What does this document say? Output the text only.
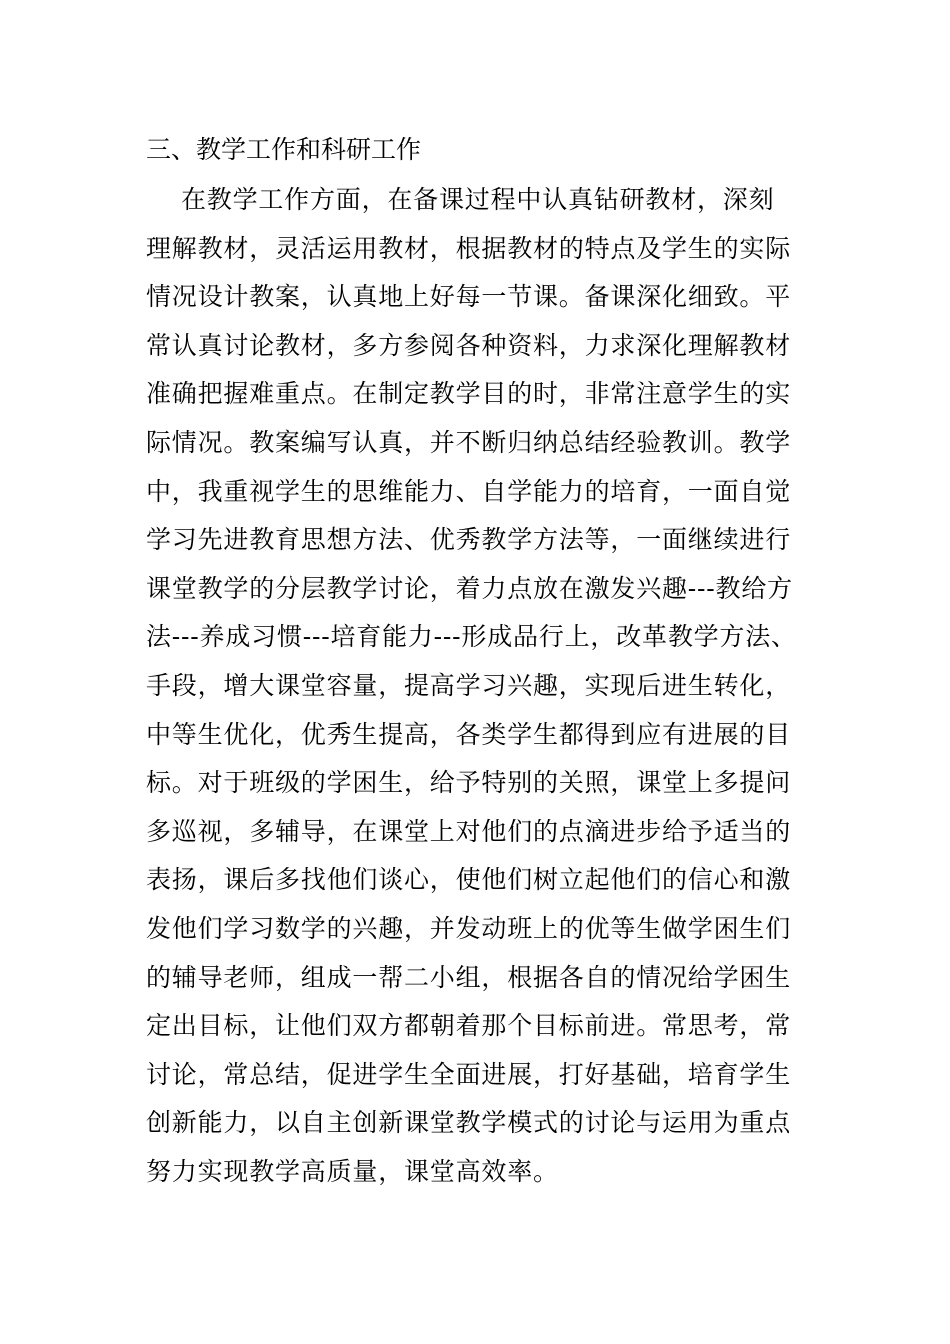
三、教学工作和科研工作
在教学工作方面，在备课过程中认真钻研教材，深刻
理解教材，灵活运用教材，根据教材的特点及学生的实际
情况设计教案，认真地上好每一节课。备课深化细致。平
常认真讨论教材，多方参阅各种资料，力求深化理解教材
准确把握难重点。在制定教学目的时，非常注意学生的实
际情况。教案编写认真，并不断归纳总结经验教训。教学
中，我重视学生的思维能力、自学能力的培育，一面自觉
学习先进教育思想方法、优秀教学方法等，一面继续进行
课堂教学的分层教学讨论，着力点放在激发兴趣---教给方
法---养成习惯---培育能力---形成品行上，改革教学方法、
手段，增大课堂容量，提高学习兴趣，实现后进生转化，
中等生优化，优秀生提高，各类学生都得到应有进展的目
标。对于班级的学困生，给予特别的关照，课堂上多提问
多巡视，多辅导，在课堂上对他们的点滴进步给予适当的
表扬，课后多找他们谈心，使他们树立起他们的信心和激
发他们学习数学的兴趣，并发动班上的优等生做学困生们
的辅导老师，组成一帮二小组，根据各自的情况给学困生
定出目标，让他们双方都朝着那个目标前进。常思考，常
讨论，常总结，促进学生全面进展，打好基础，培育学生
创新能力，以自主创新课堂教学模式的讨论与运用为重点
努力实现教学高质量，课堂高效率。
